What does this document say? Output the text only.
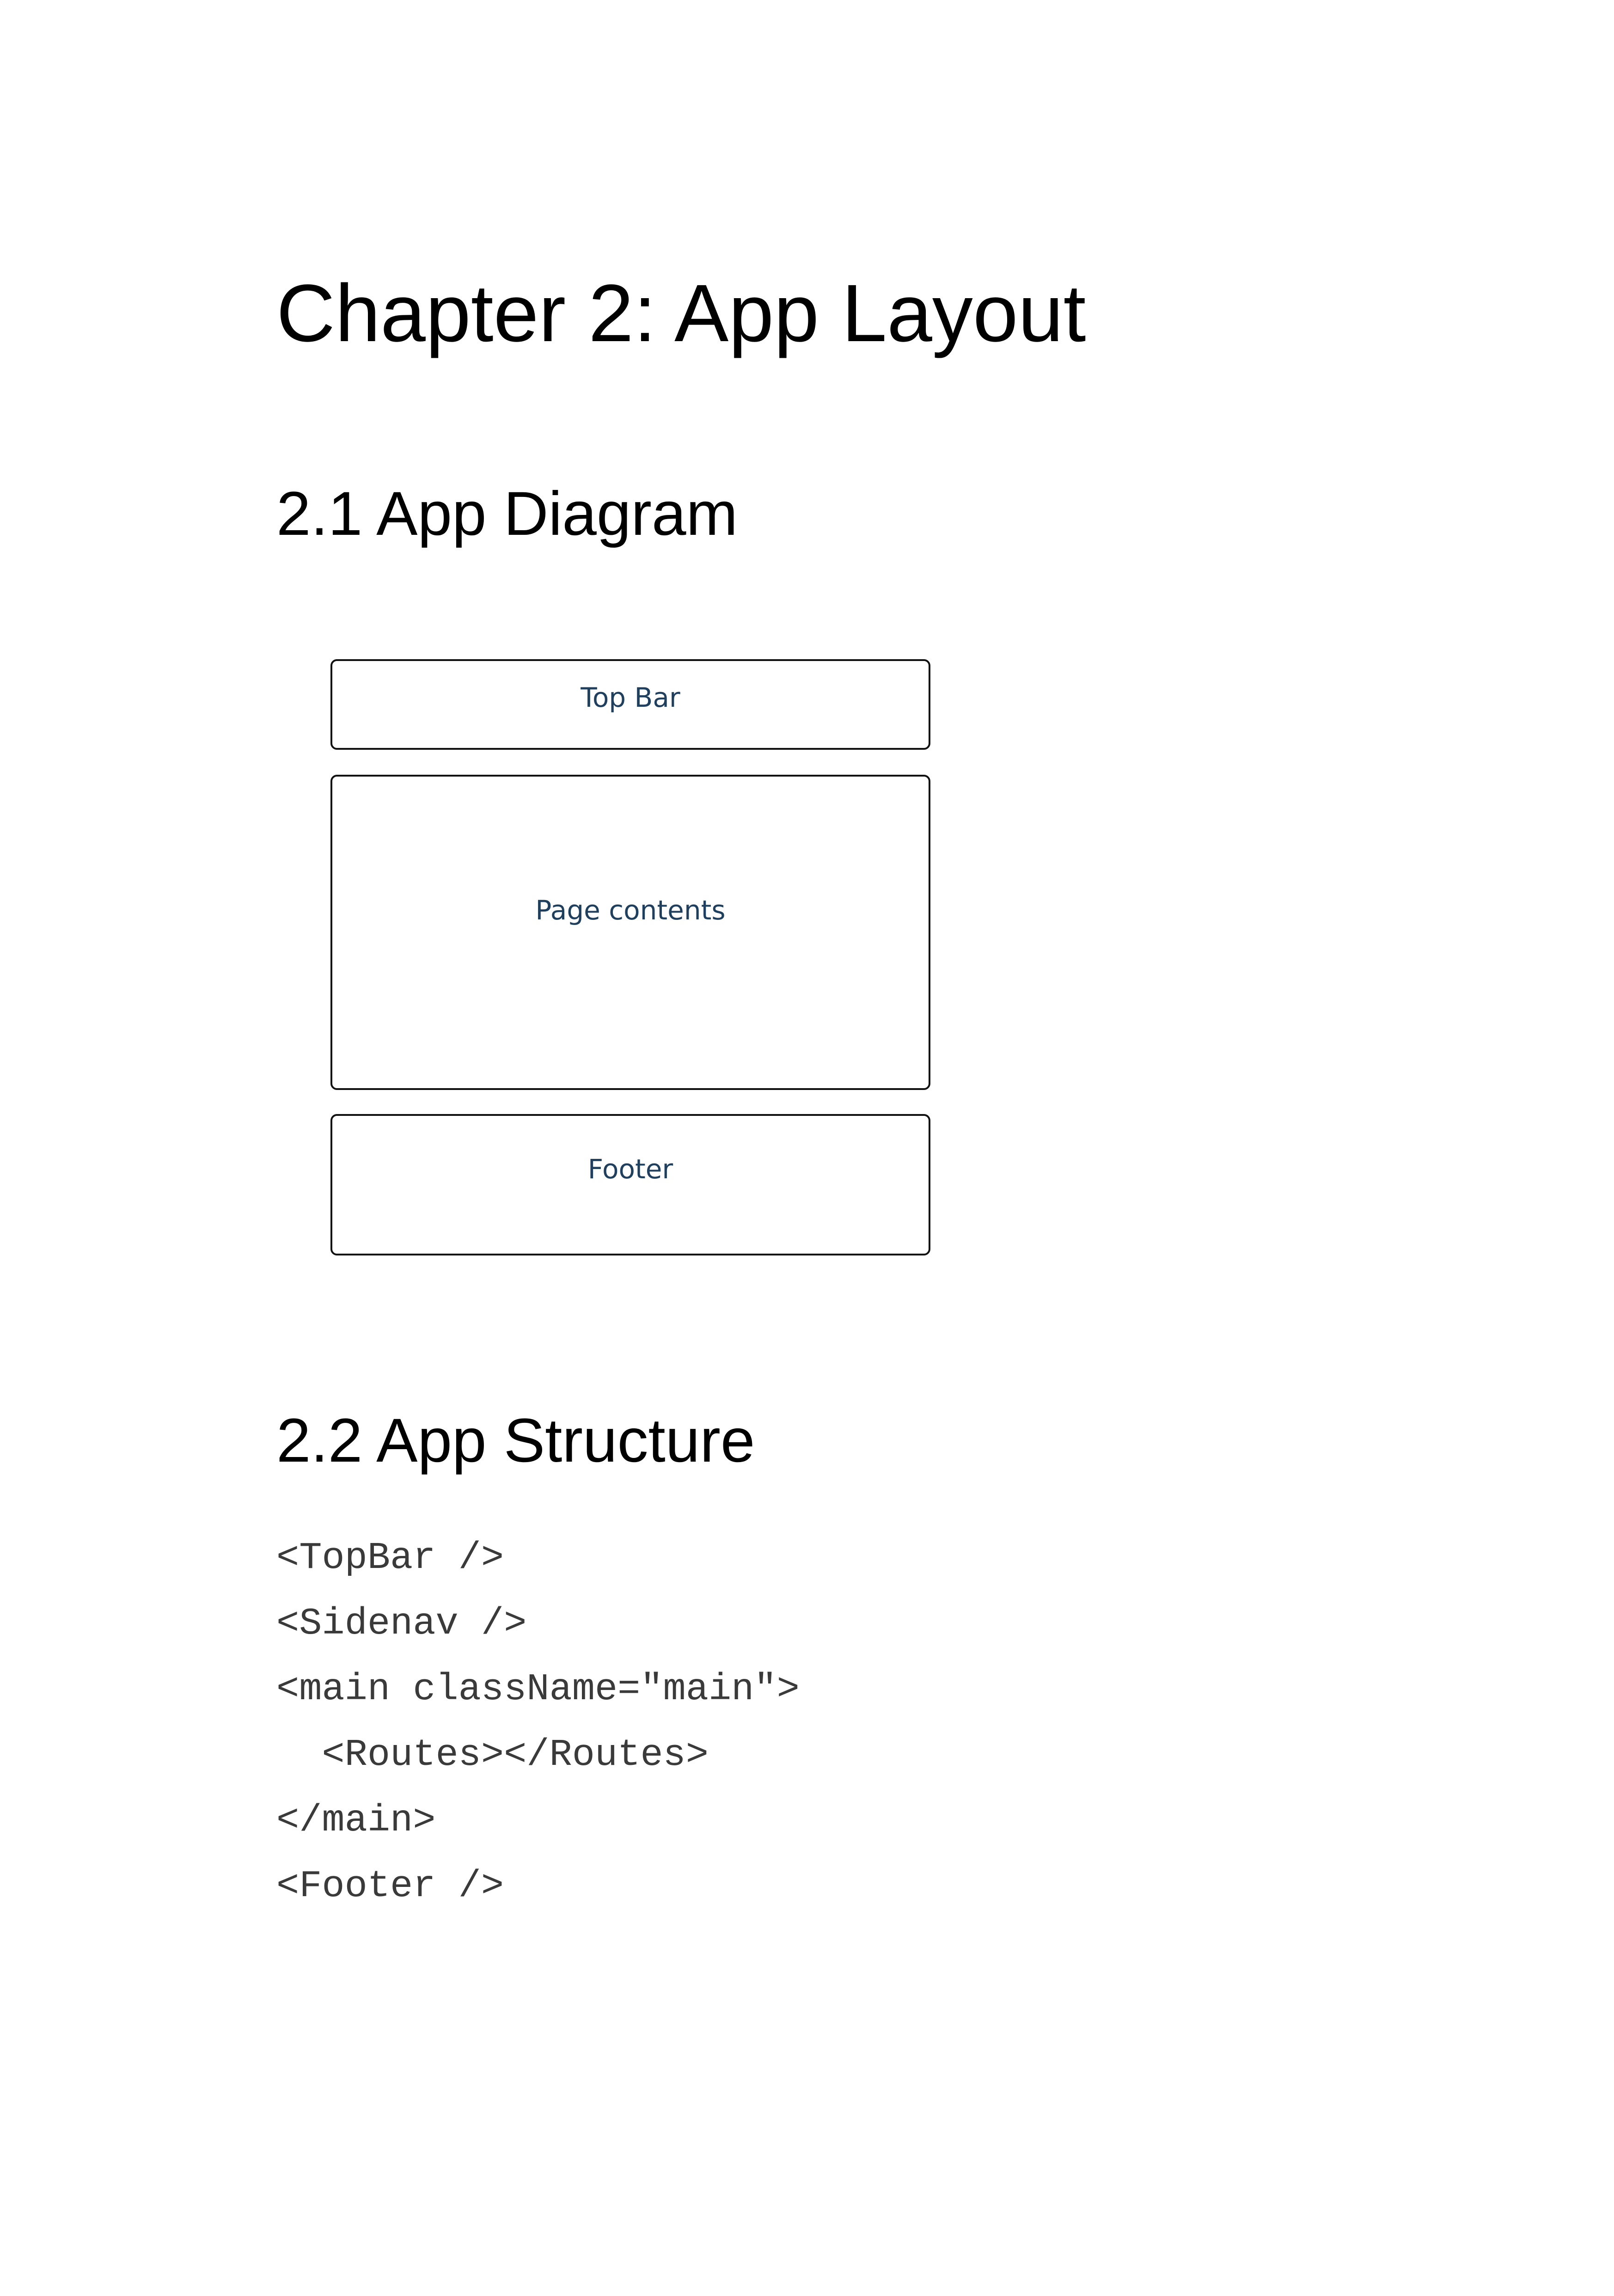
Chapter 2: App Layout
2.1 App Diagram
Top Bar
Page contents
Footer
2.2 App Structure
<TopBar />
<Sidenav />
<main className="main">
<Routes></Routes>
</main>
<Footer />
